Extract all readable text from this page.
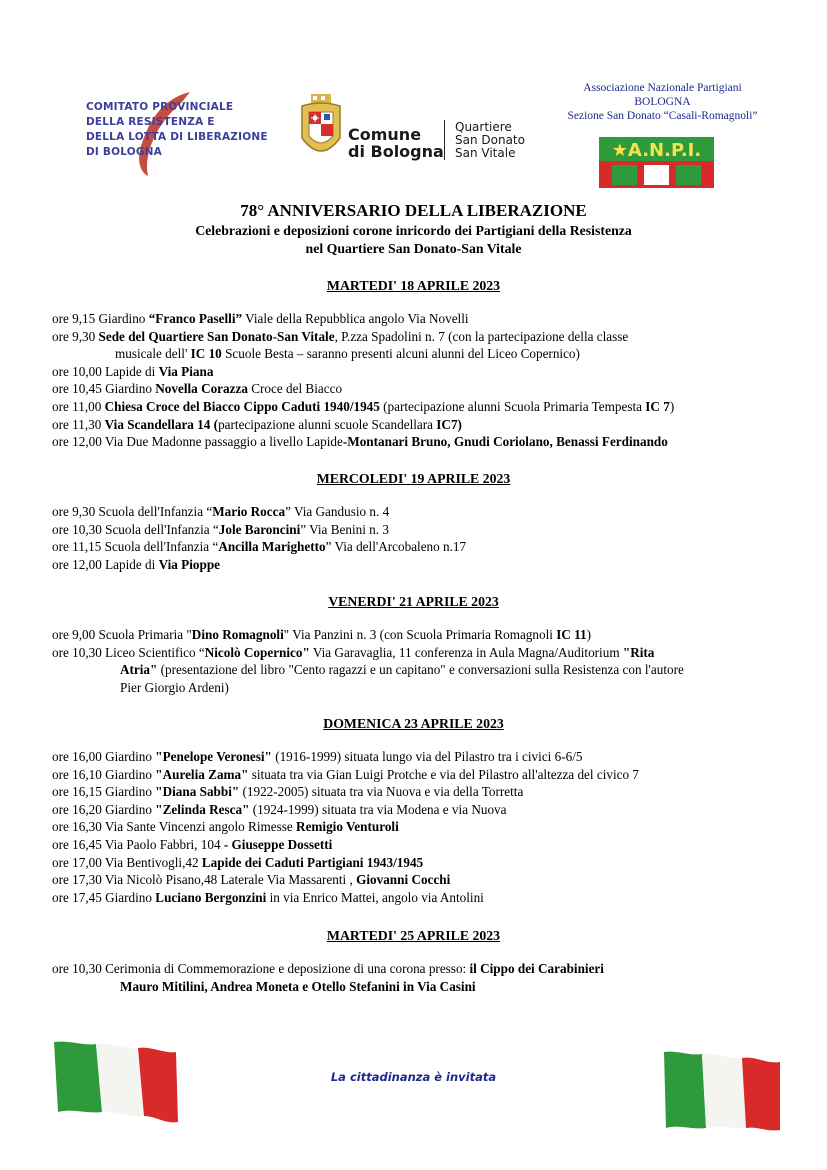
COMITATO PROVINCIALE
DELLA RESISTENZA E
DELLA LOTTA DI LIBERAZIONE
DI BOLOGNA
Comune
di Bologna
Quartiere
San Donato
San Vitale
Associazione Nazionale Partigiani
BOLOGNA
Sezione San Donato “Casali-Romagnoli”
★A.N.P.I.
78° ANNIVERSARIO DELLA LIBERAZIONE
Celebrazioni e deposizioni corone inricordo dei Partigiani della Resistenza
nel Quartiere San Donato-San Vitale
MARTEDI' 18 APRILE 2023
ore 9,15 Giardino “Franco Paselli” Viale della Repubblica angolo Via Novelli
ore 9,30 Sede del Quartiere San Donato-San Vitale, P.zza Spadolini n. 7 (con la partecipazione della classe
musicale dell' IC 10 Scuole Besta – saranno presenti alcuni alunni del Liceo Copernico)
ore 10,00 Lapide di Via Piana
ore 10,45 Giardino Novella Corazza Croce del Biacco
ore 11,00 Chiesa Croce del Biacco Cippo Caduti 1940/1945 (partecipazione alunni Scuola Primaria Tempesta IC 7)
ore 11,30 Via Scandellara 14 (partecipazione alunni scuole Scandellara IC7)
ore 12,00 Via Due Madonne passaggio a livello Lapide-Montanari Bruno, Gnudi Coriolano, Benassi Ferdinando
MERCOLEDI' 19 APRILE 2023
ore 9,30 Scuola dell'Infanzia “Mario Rocca” Via Gandusio n. 4
ore 10,30 Scuola dell'Infanzia “Jole Baroncini” Via Benini n. 3
ore 11,15 Scuola dell'Infanzia “Ancilla Marighetto” Via dell'Arcobaleno n.17
ore 12,00 Lapide di Via Pioppe
VENERDI' 21 APRILE 2023
ore 9,00 Scuola Primaria "Dino Romagnoli" Via Panzini n. 3 (con Scuola Primaria Romagnoli IC 11)
ore 10,30 Liceo Scientifico “Nicolò Copernico" Via Garavaglia, 11 conferenza in Aula Magna/Auditorium "Rita
Atria" (presentazione del libro "Cento ragazzi e un capitano" e conversazioni sulla Resistenza con l'autore
Pier Giorgio Ardeni)
DOMENICA 23 APRILE 2023
ore 16,00 Giardino "Penelope Veronesi" (1916-1999) situata lungo via del Pilastro tra i civici 6-6/5
ore 16,10 Giardino "Aurelia Zama" situata tra via Gian Luigi Protche e via del Pilastro all'altezza del civico 7
ore 16,15 Giardino "Diana Sabbi" (1922-2005) situata tra via Nuova e via della Torretta
ore 16,20 Giardino "Zelinda Resca" (1924-1999) situata tra via Modena e via Nuova
ore 16,30 Via Sante Vincenzi angolo Rimesse Remigio Venturoli
ore 16,45 Via Paolo Fabbri, 104 - Giuseppe Dossetti
ore 17,00 Via Bentivogli,42 Lapide dei Caduti Partigiani 1943/1945
ore 17,30 Via Nicolò Pisano,48 Laterale Via Massarenti , Giovanni Cocchi
ore 17,45 Giardino Luciano Bergonzini in via Enrico Mattei, angolo via Antolini
MARTEDI' 25 APRILE 2023
ore 10,30 Cerimonia di Commemorazione e deposizione di una corona presso: il Cippo dei Carabinieri
Mauro Mitilini, Andrea Moneta e Otello Stefanini in Via Casini
La cittadinanza è invitata
